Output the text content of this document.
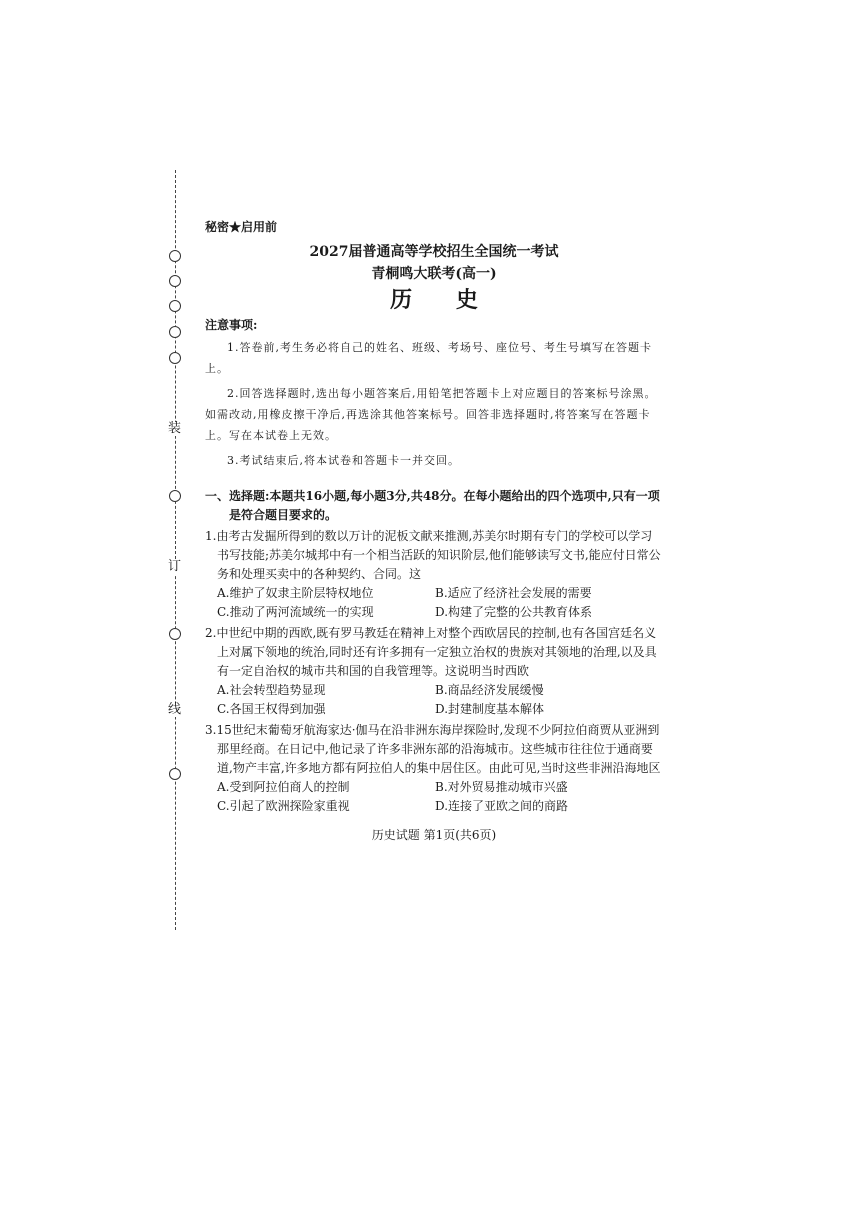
装
订
线
秘密★启用前
2027届普通高等学校招生全国统一考试
青桐鸣大联考(高一)
历 史
注意事项:

1.答卷前,考生务必将自己的姓名、班级、考场号、座位号、考生号填写在答题卡上。

2.回答选择题时,选出每小题答案后,用铅笔把答题卡上对应题目的答案标号涂黑。如需改动,用橡皮擦干净后,再选涂其他答案标号。回答非选择题时,将答案写在答题卡上。写在本试卷上无效。

3.考试结束后,将本试卷和答题卡一并交回。

一、选择题:本题共16小题,每小题3分,共48分。在每小题给出的四个选项中,只有一项是符合题目要求的。
1.由考古发掘所得到的数以万计的泥板文献来推测,苏美尔时期有专门的学校可以学习书写技能;苏美尔城邦中有一个相当活跃的知识阶层,他们能够读写文书,能应付日常公务和处理买卖中的各种契约、合同。这
A.维护了奴隶主阶层特权地位	B.适应了经济社会发展的需要
C.推动了两河流域统一的实现	D.构建了完整的公共教育体系
2.中世纪中期的西欧,既有罗马教廷在精神上对整个西欧居民的控制,也有各国宫廷名义上对属下领地的统治,同时还有许多拥有一定独立治权的贵族对其领地的治理,以及具有一定自治权的城市共和国的自我管理等。这说明当时西欧
A.社会转型趋势显现	B.商品经济发展缓慢
C.各国王权得到加强	D.封建制度基本解体
3.15世纪末葡萄牙航海家达·伽马在沿非洲东海岸探险时,发现不少阿拉伯商贾从亚洲到那里经商。在日记中,他记录了许多非洲东部的沿海城市。这些城市往往位于通商要道,物产丰富,许多地方都有阿拉伯人的集中居住区。由此可见,当时这些非洲沿海地区
A.受到阿拉伯商人的控制	B.对外贸易推动城市兴盛
C.引起了欧洲探险家重视	D.连接了亚欧之间的商路
历史试题 第1页(共6页)
